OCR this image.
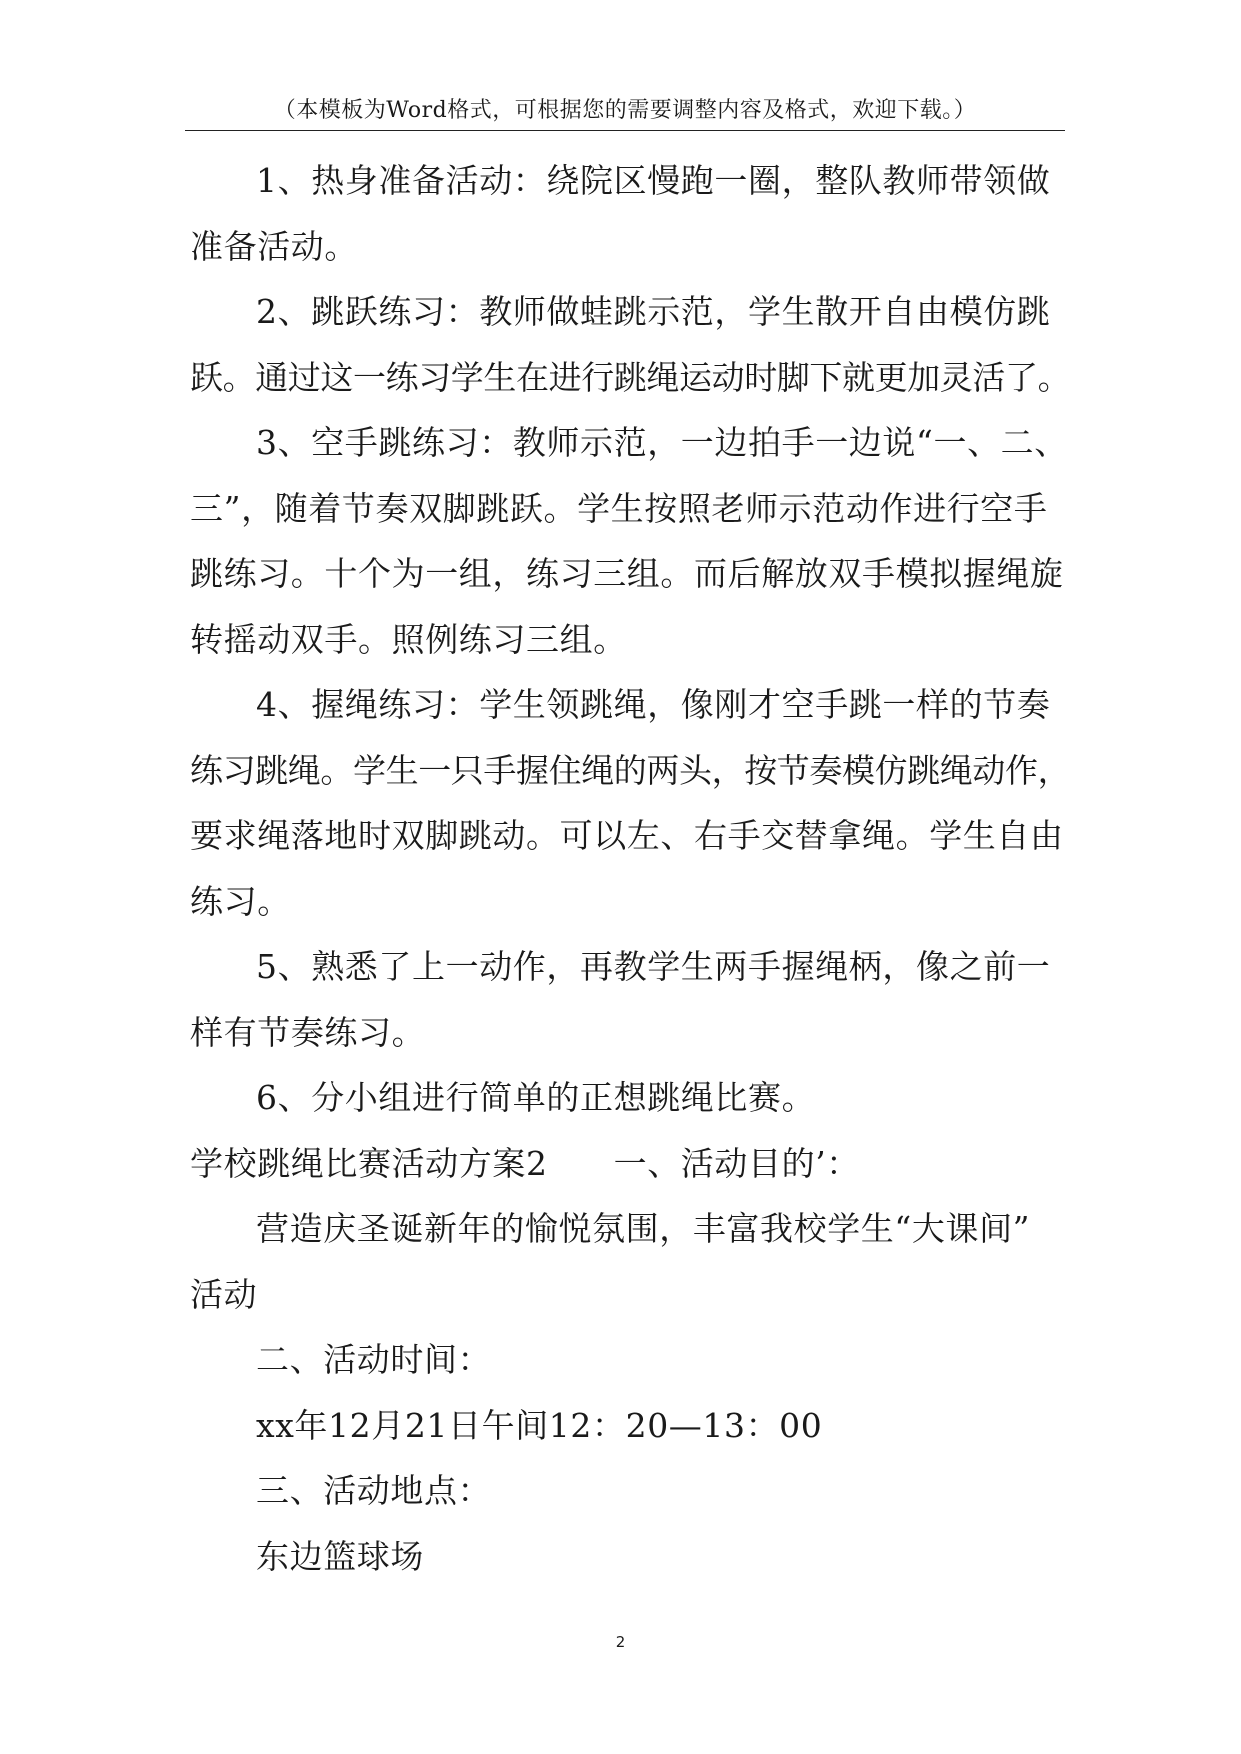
（本模板为Word格式，可根据您的需要调整内容及格式，欢迎下载。）

1、热身准备活动：绕院区慢跑一圈，整队教师带领做

准备活动。

2、跳跃练习：教师做蛙跳示范，学生散开自由模仿跳

跃。通过这一练习学生在进行跳绳运动时脚下就更加灵活了。

3、空手跳练习：教师示范，一边拍手一边说“一、二、

三”，随着节奏双脚跳跃。学生按照老师示范动作进行空手

跳练习。十个为一组，练习三组。而后解放双手模拟握绳旋

转摇动双手。照例练习三组。

4、握绳练习：学生领跳绳，像刚才空手跳一样的节奏

练习跳绳。学生一只手握住绳的两头，按节奏模仿跳绳动作，

要求绳落地时双脚跳动。可以左、右手交替拿绳。学生自由

练习。

5、熟悉了上一动作，再教学生两手握绳柄，像之前一

样有节奏练习。

6、分小组进行简单的正想跳绳比赛。

学校跳绳比赛活动方案2 一、活动目的’：

营造庆圣诞新年的愉悦氛围，丰富我校学生“大课间”

活动

二、活动时间：

xx年12月21日午间12：20—13：00

三、活动地点：

东边篮球场

2
